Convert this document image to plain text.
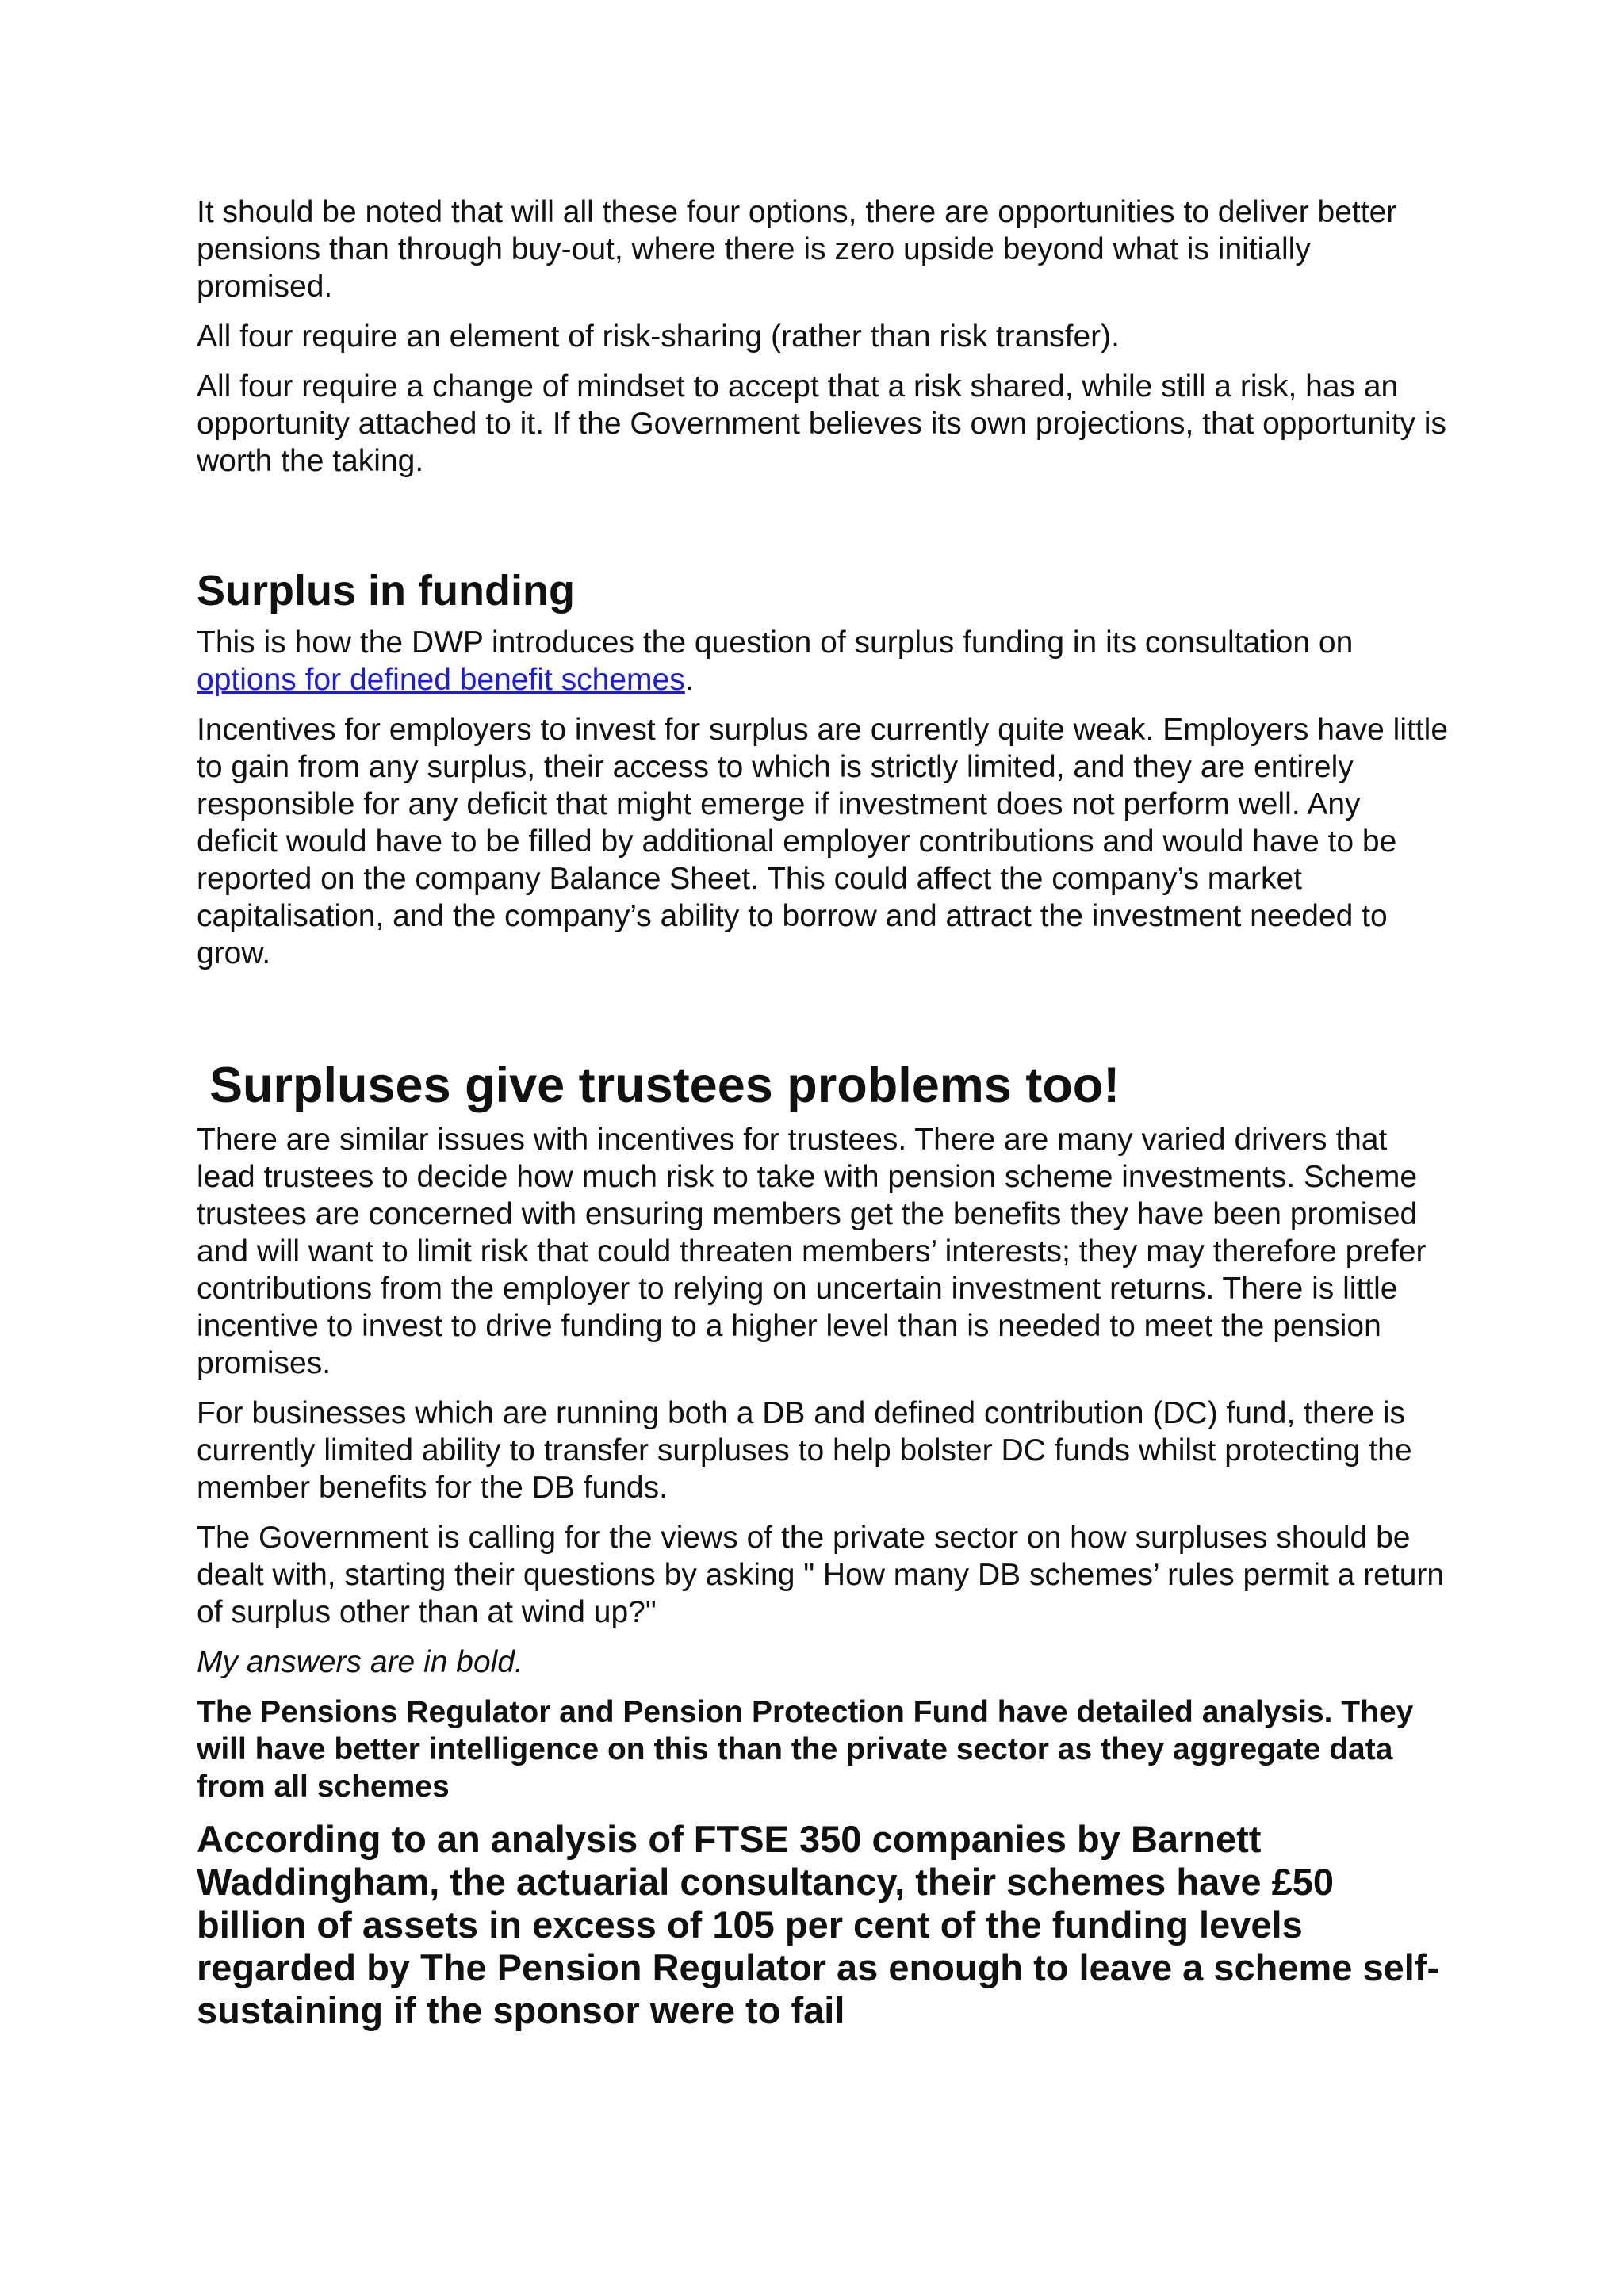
It should be noted that will all these four options, there are opportunities to deliver better pensions than through buy-out, where there is zero upside beyond what is initially promised.

All four require an element of risk-sharing (rather than risk transfer).

All four require a change of mindset to accept that a risk shared, while still a risk, has an opportunity attached to it. If the Government believes its own projections, that opportunity is worth the taking.

Surplus in funding

This is how the DWP introduces the question of surplus funding in its consultation on options for defined benefit schemes.

Incentives for employers to invest for surplus are currently quite weak. Employers have little to gain from any surplus, their access to which is strictly limited, and they are entirely responsible for any deficit that might emerge if investment does not perform well. Any deficit would have to be filled by additional employer contributions and would have to be reported on the company Balance Sheet. This could affect the company’s market capitalisation, and the company’s ability to borrow and attract the investment needed to grow.

Surpluses give trustees problems too!

There are similar issues with incentives for trustees. There are many varied drivers that lead trustees to decide how much risk to take with pension scheme investments. Scheme trustees are concerned with ensuring members get the benefits they have been promised and will want to limit risk that could threaten members’ interests; they may therefore prefer contributions from the employer to relying on uncertain investment returns. There is little incentive to invest to drive funding to a higher level than is needed to meet the pension promises.

For businesses which are running both a DB and defined contribution (DC) fund, there is currently limited ability to transfer surpluses to help bolster DC funds whilst protecting the member benefits for the DB funds.

The Government is calling for the views of the private sector on how surpluses should be dealt with, starting their questions by asking " How many DB schemes’ rules permit a return of surplus other than at wind up?"

My answers are in bold.

The Pensions Regulator and Pension Protection Fund have detailed analysis. They will have better intelligence on this than the private sector as they aggregate data from all schemes

According to an analysis of FTSE 350 companies by Barnett Waddingham, the actuarial consultancy, their schemes have £50 billion of assets in excess of 105 per cent of the funding levels regarded by The Pension Regulator as enough to leave a scheme self-sustaining if the sponsor were to fail
